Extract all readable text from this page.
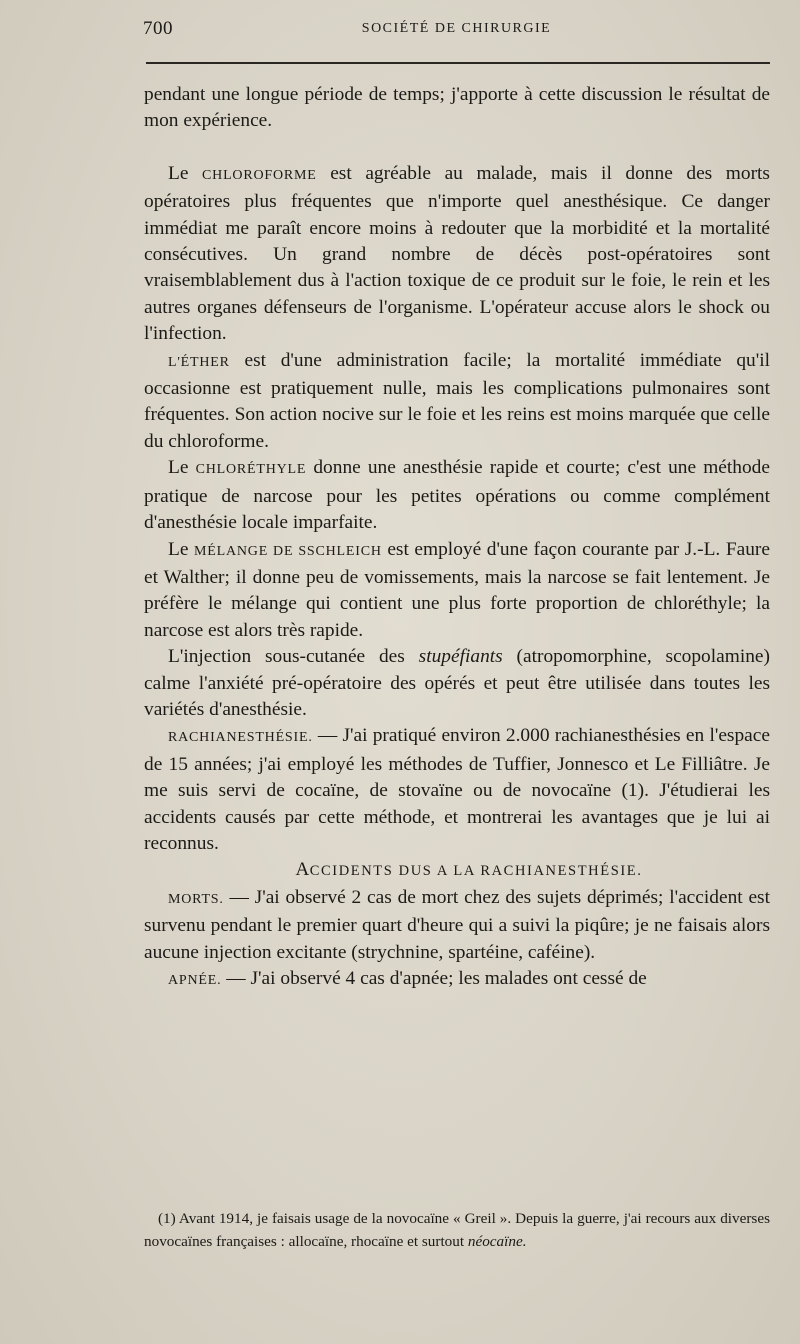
700	SOCIÉTÉ DE CHIRURGIE

pendant une longue période de temps; j'apporte à cette discussion le résultat de mon expérience.

Le CHLOROFORME est agréable au malade, mais il donne des morts opératoires plus fréquentes que n'importe quel anesthésique. Ce danger immédiat me paraît encore moins à redouter que la morbidité et la mortalité consécutives. Un grand nombre de décès post-opératoires sont vraisemblablement dus à l'action toxique de ce produit sur le foie, le rein et les autres organes défenseurs de l'organisme. L'opérateur accuse alors le shock ou l'infection.

L'ÉTHER est d'une administration facile; la mortalité immédiate qu'il occasionne est pratiquement nulle, mais les complications pulmonaires sont fréquentes. Son action nocive sur le foie et les reins est moins marquée que celle du chloroforme.

Le CHLORÉTHYLE donne une anesthésie rapide et courte; c'est une méthode pratique de narcose pour les petites opérations ou comme complément d'anesthésie locale imparfaite.

Le MÉLANGE DE SSCHLEICH est employé d'une façon courante par J.-L. Faure et Walther; il donne peu de vomissements, mais la narcose se fait lentement. Je préfère le mélange qui contient une plus forte proportion de chloréthyle; la narcose est alors très rapide.

L'injection sous-cutanée des stupéfiants (atropomorphine, scopolamine) calme l'anxiété pré-opératoire des opérés et peut être utilisée dans toutes les variétés d'anesthésie.

RACHIANESTHÉSIE. — J'ai pratiqué environ 2.000 rachianesthésies en l'espace de 15 années; j'ai employé les méthodes de Tuffier, Jonnesco et Le Filliâtre. Je me suis servi de cocaïne, de stovaïne ou de novocaïne (1). J'étudierai les accidents causés par cette méthode, et montrerai les avantages que je lui ai reconnus.

ACCIDENTS DUS A LA RACHIANESTHÉSIE.

MORTS. — J'ai observé 2 cas de mort chez des sujets déprimés; l'accident est survenu pendant le premier quart d'heure qui a suivi la piqûre; je ne faisais alors aucune injection excitante (strychnine, spartéine, caféine).

APNÉE. — J'ai observé 4 cas d'apnée; les malades ont cessé de

(1) Avant 1914, je faisais usage de la novocaïne « Greil ». Depuis la guerre, j'ai recours aux diverses novocaïnes françaises : allocaïne, rhocaïne et surtout néocaïne.
